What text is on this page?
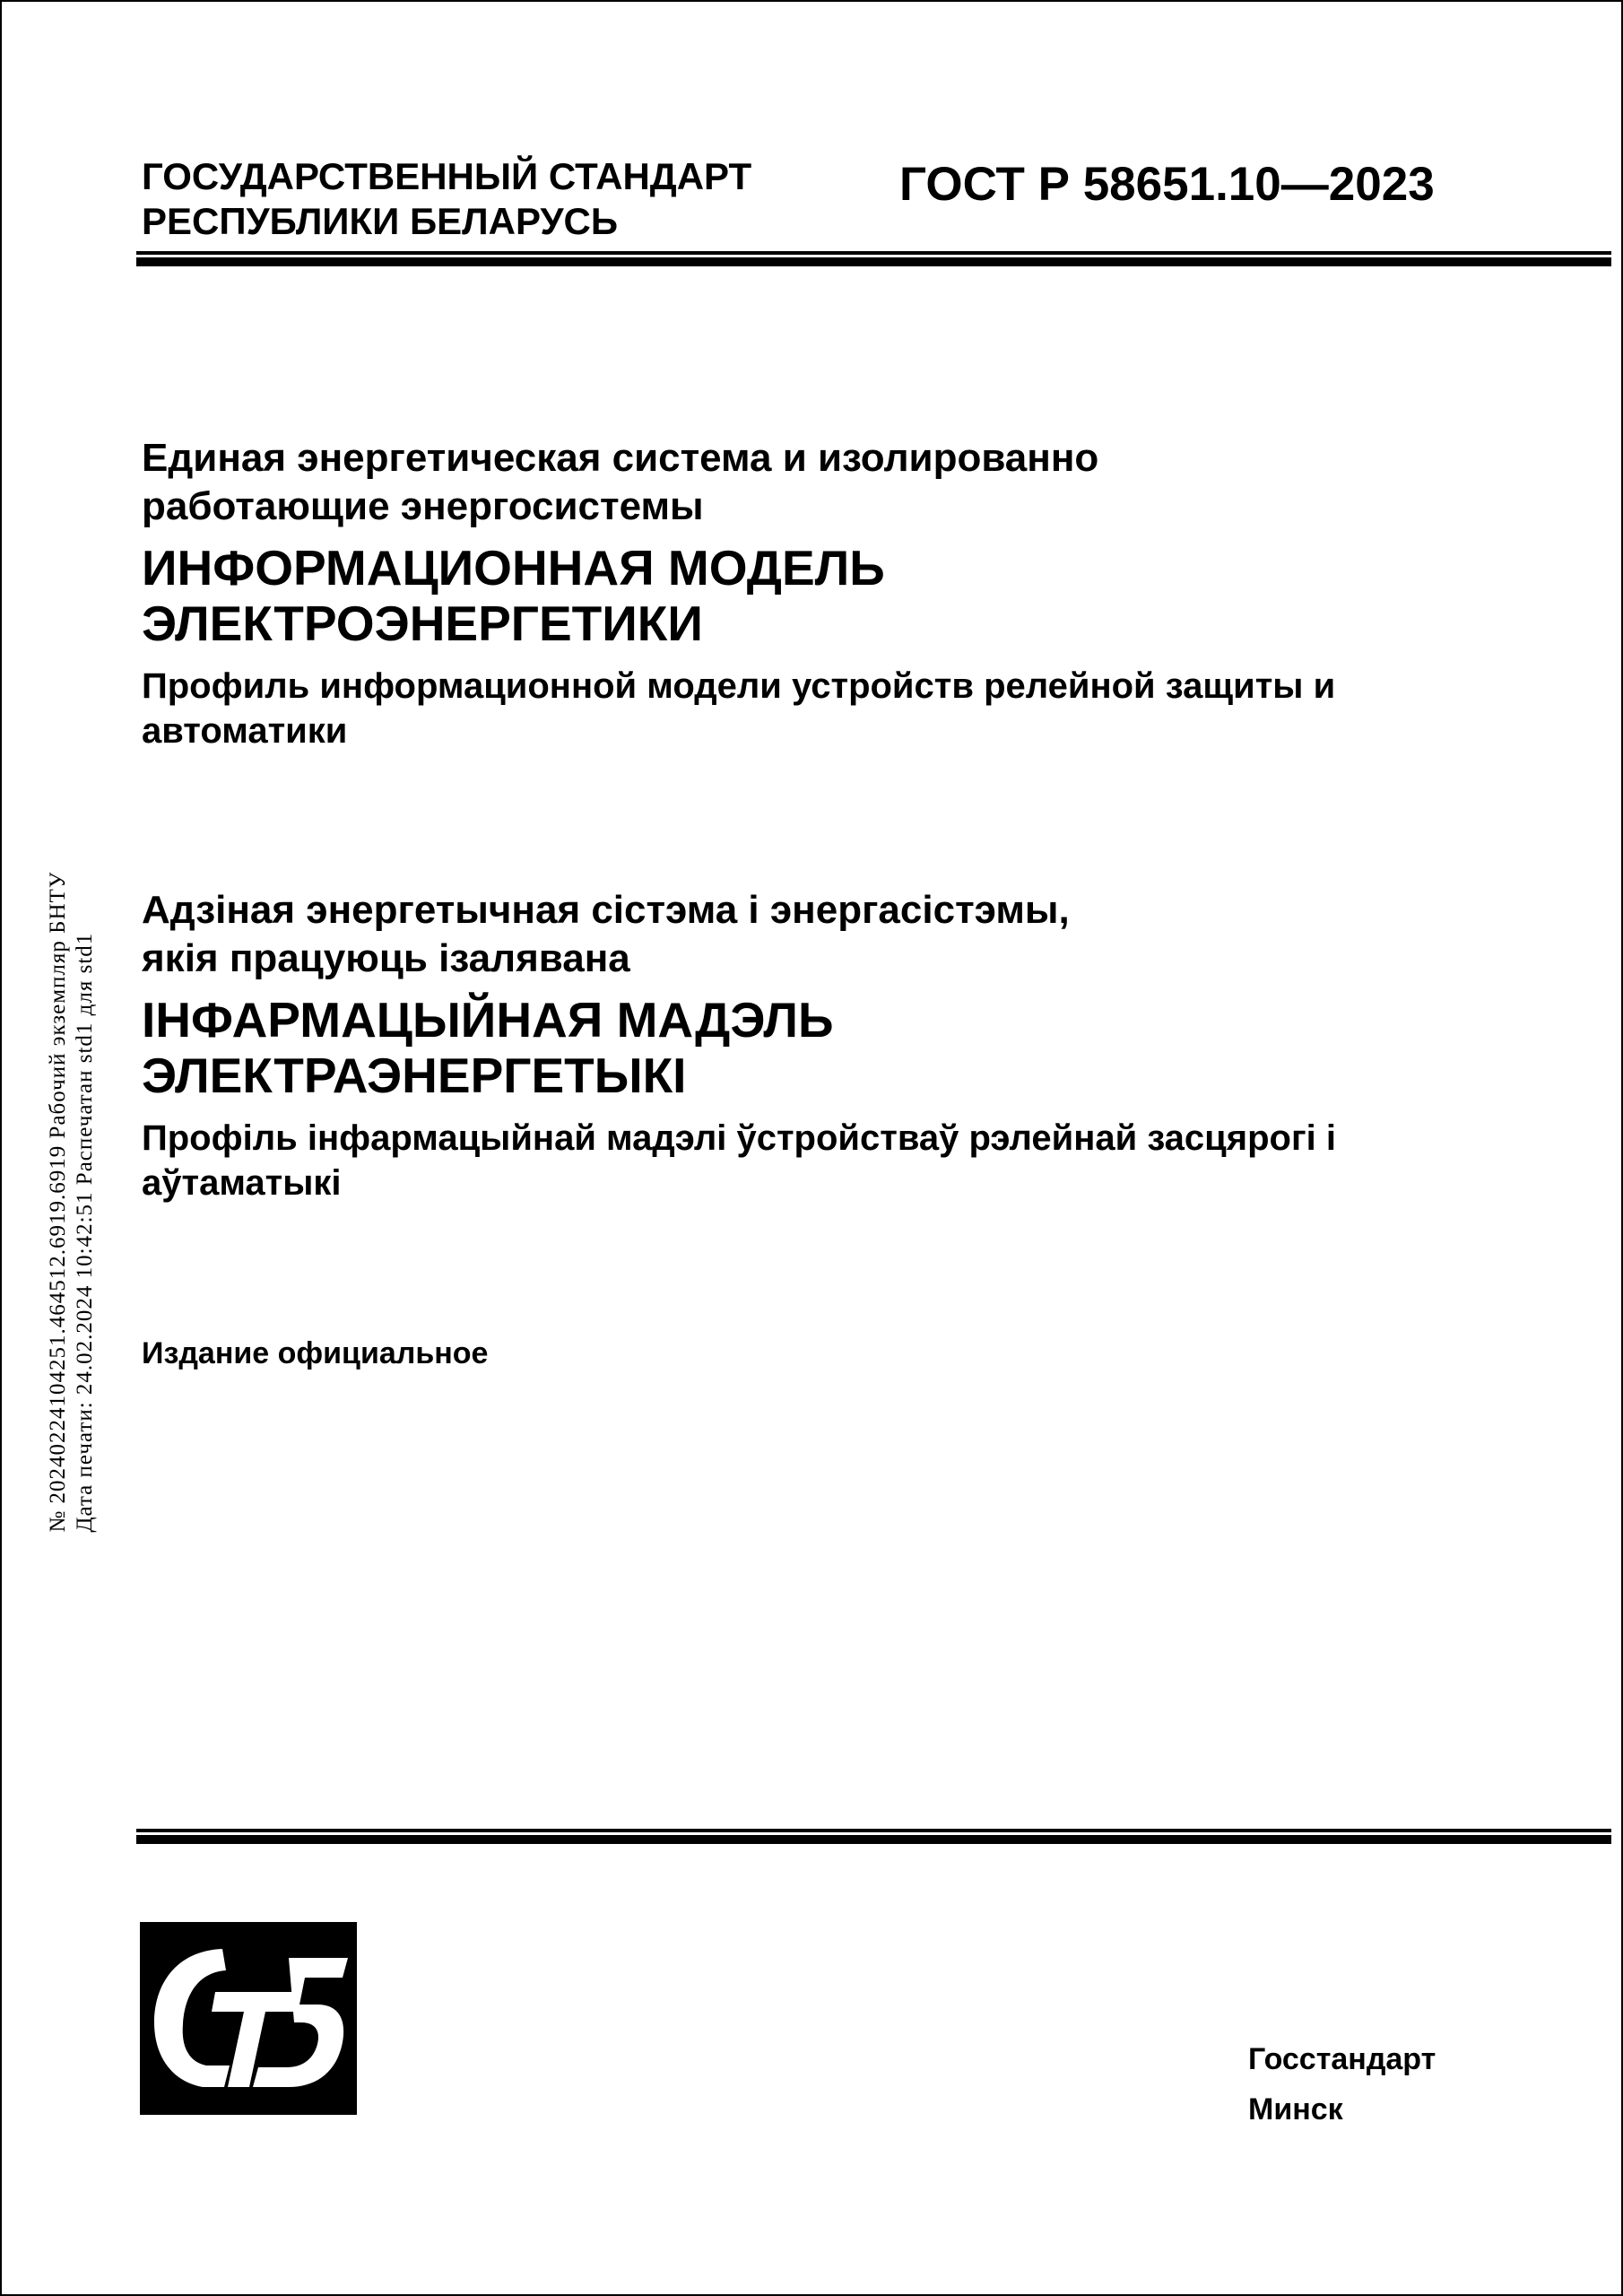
ГОСУДАРСТВЕННЫЙ СТАНДАРТ
РЕСПУБЛИКИ БЕЛАРУСЬ
ГОСТ Р 58651.10—2023
Единая энергетическая система и изолированно
работающие энергосистемы
ИНФОРМАЦИОННАЯ МОДЕЛЬ
ЭЛЕКТРОЭНЕРГЕТИКИ
Профиль информационной модели устройств релейной защиты и
автоматики
Адзіная энергетычная сістэма і энергасістэмы,
якія працуюць ізалявана
ІНФАРМАЦЫЙНАЯ МАДЭЛЬ
ЭЛЕКТРАЭНЕРГЕТЫКІ
Профіль інфармацыйнай мадэлі ўстройстваў рэлейнай засцярогі і
аўтаматыкі
Издание официальное
№ 20240224104251.464512.6919.6919 Рабочий экземпляр БНТУ Дата печати: 24.02.2024 10:42:51 Распечатан std1 для std1
Госстандарт
Минск
